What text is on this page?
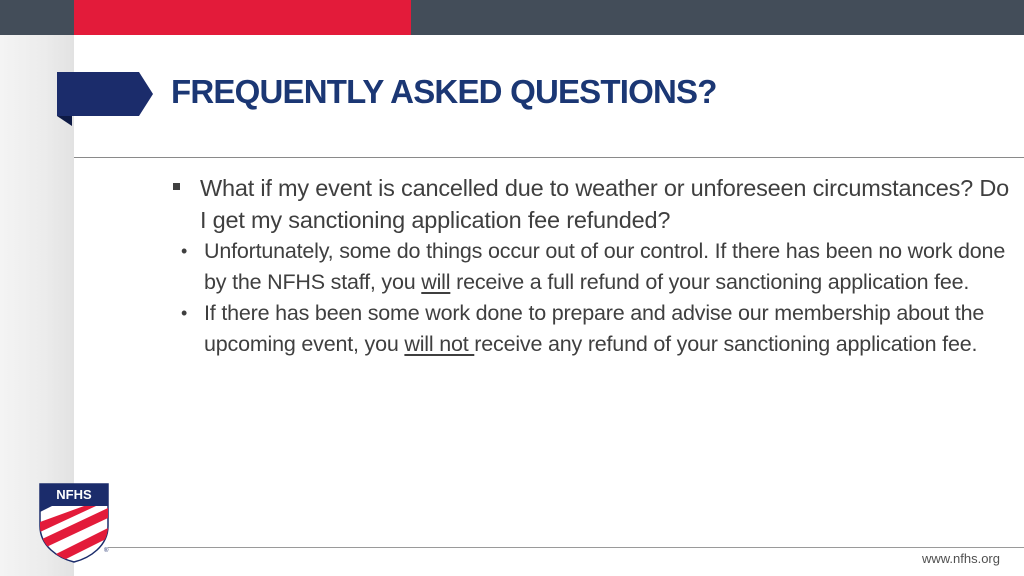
FREQUENTLY ASKED QUESTIONS?
What if my event is cancelled due to weather or unforeseen circumstances? Do I get my sanctioning application fee refunded?
• Unfortunately, some do things occur out of our control. If there has been no work done by the NFHS staff, you will receive a full refund of your sanctioning application fee.
• If there has been some work done to prepare and advise our membership about the upcoming event, you will not receive any refund of your sanctioning application fee.
NFHS
®	www.nfhs.org
